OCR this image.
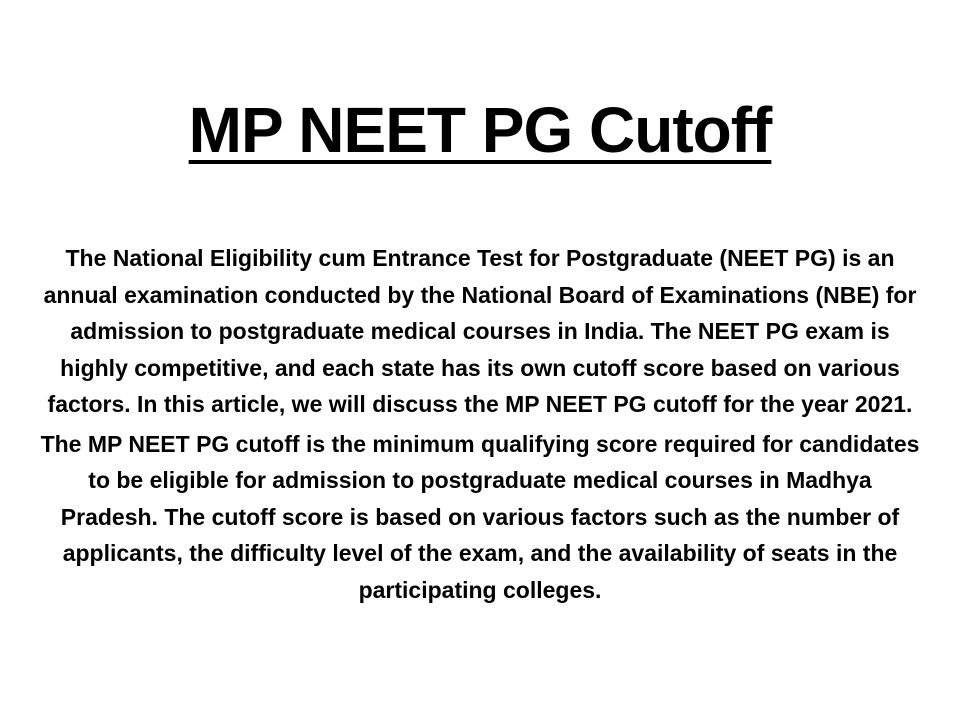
MP NEET PG Cutoff

The National Eligibility cum Entrance Test for Postgraduate (NEET PG) is an annual examination conducted by the National Board of Examinations (NBE) for admission to postgraduate medical courses in India. The NEET PG exam is highly competitive, and each state has its own cutoff score based on various factors. In this article, we will discuss the MP NEET PG cutoff for the year 2021.

The MP NEET PG cutoff is the minimum qualifying score required for candidates to be eligible for admission to postgraduate medical courses in Madhya Pradesh. The cutoff score is based on various factors such as the number of applicants, the difficulty level of the exam, and the availability of seats in the participating colleges.
